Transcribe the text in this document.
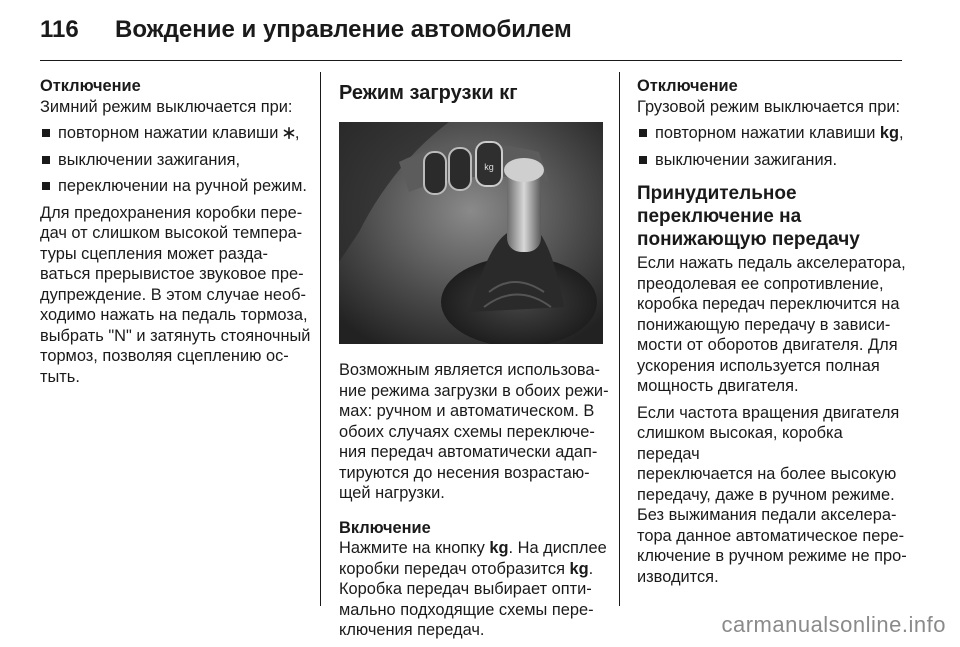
116	Вождение и управление автомобилем
Отключение

Зимний режим выключается при:

повторном нажатии клавиши ,
выключении зажигания,
переключении на ручной режим.

Для предохранения коробки пере-
дач от слишком высокой темпера-
туры сцепления может разда-
ваться прерывистое звуковое пре-
дупреждение. В этом случае необ-
ходимо нажать на педаль тормоза,
выбрать "N" и затянуть стояночный
тормоз, позволяя сцеплению ос-
тыть.

Режим загрузки кг
kg

Возможным является использова-
ние режима загрузки в обоих режи-
мах: ручном и автоматическом. В
обоих случаях схемы переключе-
ния передач автоматически адап-
тируются до несения возрастаю-
щей нагрузки.

Включение

Нажмите на кнопку kg. На дисплее
коробки передач отобразится kg.
Коробка передач выбирает опти-
мально подходящие схемы пере-
ключения передач.

Отключение

Грузовой режим выключается при:

повторном нажатии клавиши kg,
выключении зажигания.
Принудительное
переключение на
понижающую передачу

Если нажать педаль акселератора,
преодолевая ее сопротивление,
коробка передач переключится на
понижающую передачу в зависи-
мости от оборотов двигателя. Для
ускорения используется полная
мощность двигателя.

Если частота вращения двигателя
слишком высокая, коробка передач
переключается на более высокую
передачу, даже в ручном режиме.
Без выжимания педали акселера-
тора данное автоматическое пере-
ключение в ручном режиме не про-
изводится.

carmanualsonline.info
